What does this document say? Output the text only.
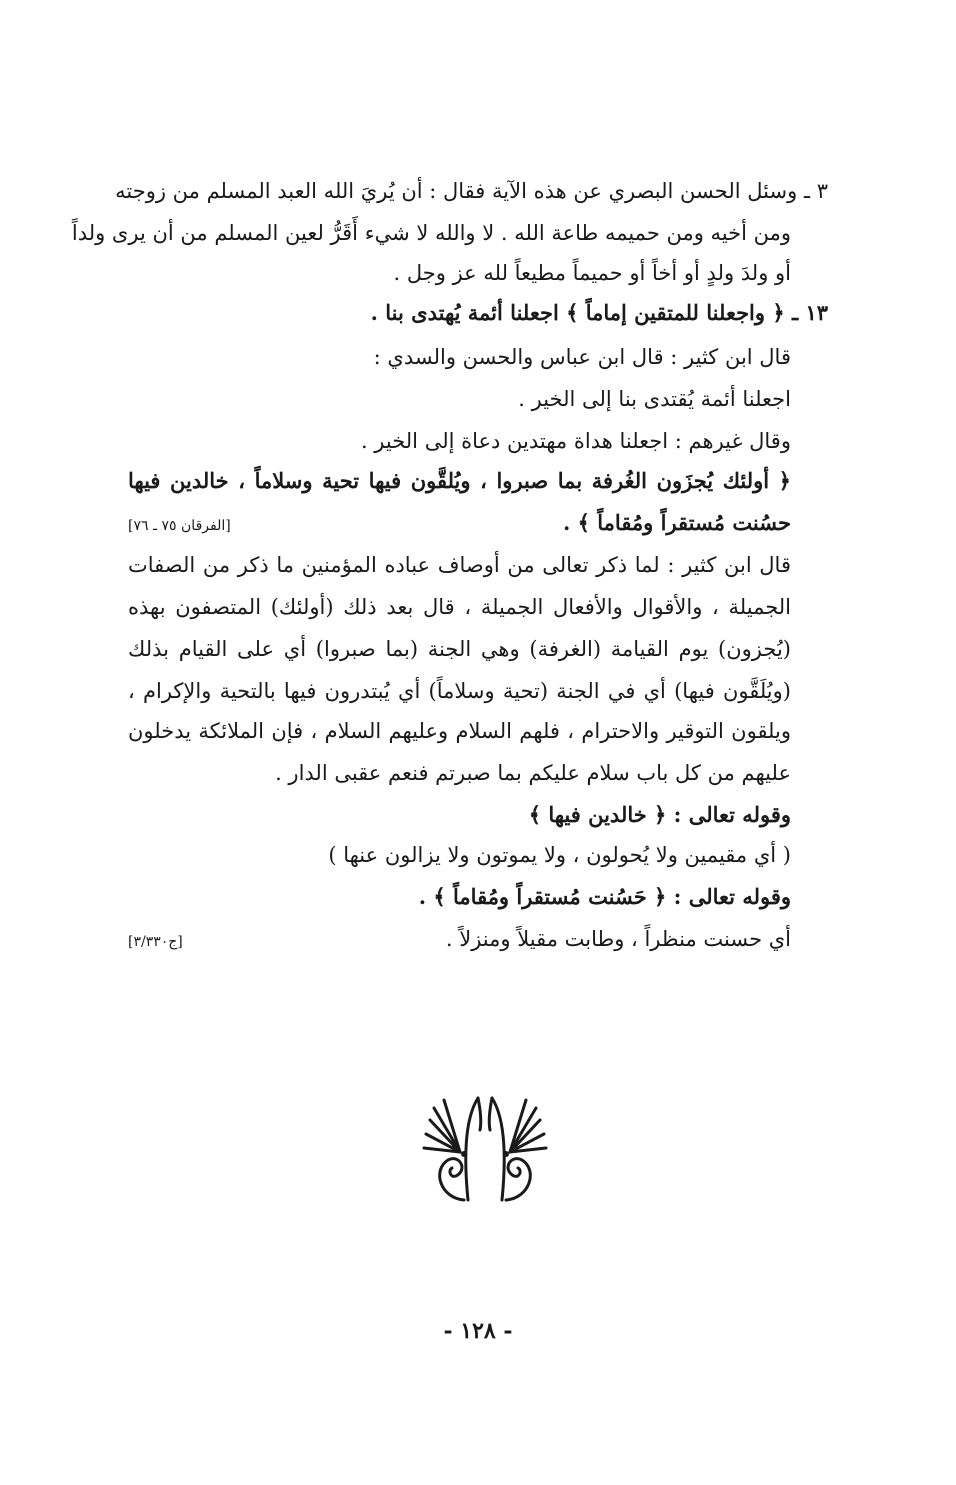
٣ ـ وسئل الحسن البصري عن هذه الآية فقال : أن يُريَ الله العبد المسلم من زوجته
ومن أخيه ومن حميمه طاعة الله . لا والله لا شيء أَقَرُّ لعين المسلم من أن يرى ولداً
أو ولدَ ولدٍ أو أخاً أو حميماً مطيعاً لله عز وجل .
١٣ ـ ﴿ واجعلنا للمتقين إماماً ﴾ اجعلنا أئمة يُهتدى بنا .
قال ابن كثير : قال ابن عباس والحسن والسدي :
اجعلنا أئمة يُقتدى بنا إلى الخير .
وقال غيرهم : اجعلنا هداة مهتدين دعاة إلى الخير .
﴿ أولئك يُجزَون الغُرفة بما صبروا ، ويُلقَّون فيها تحية وسلاماً ، خالدين فيها
حسُنت مُستقراً ومُقاماً ﴾ .
[الفرقان ٧٥ ـ ٧٦]
قال ابن كثير : لما ذكر تعالى من أوصاف عباده المؤمنين ما ذكر من الصفات
الجميلة ، والأقوال والأفعال الجميلة ، قال بعد ذلك (أولئك) المتصفون بهذه
(يُجزون) يوم القيامة (الغرفة) وهي الجنة (بما صبروا) أي على القيام بذلك
(ويُلَقَّون فيها) أي في الجنة (تحية وسلاماً) أي يُبتدرون فيها بالتحية والإكرام ،
ويلقون التوقير والاحترام ، فلهم السلام وعليهم السلام ، فإن الملائكة يدخلون
عليهم من كل باب سلام عليكم بما صبرتم فنعم عقبى الدار .
وقوله تعالى : ﴿ خالدين فيها ﴾
( أي مقيمين ولا يُحولون ، ولا يموتون ولا يزالون عنها )
وقوله تعالى : ﴿ حَسُنت مُستقراً ومُقاماً ﴾ .
أي حسنت منظراً ، وطابت مقيلاً ومنزلاً .
[ج٣/٣٣٠]
- ١٢٨ -
